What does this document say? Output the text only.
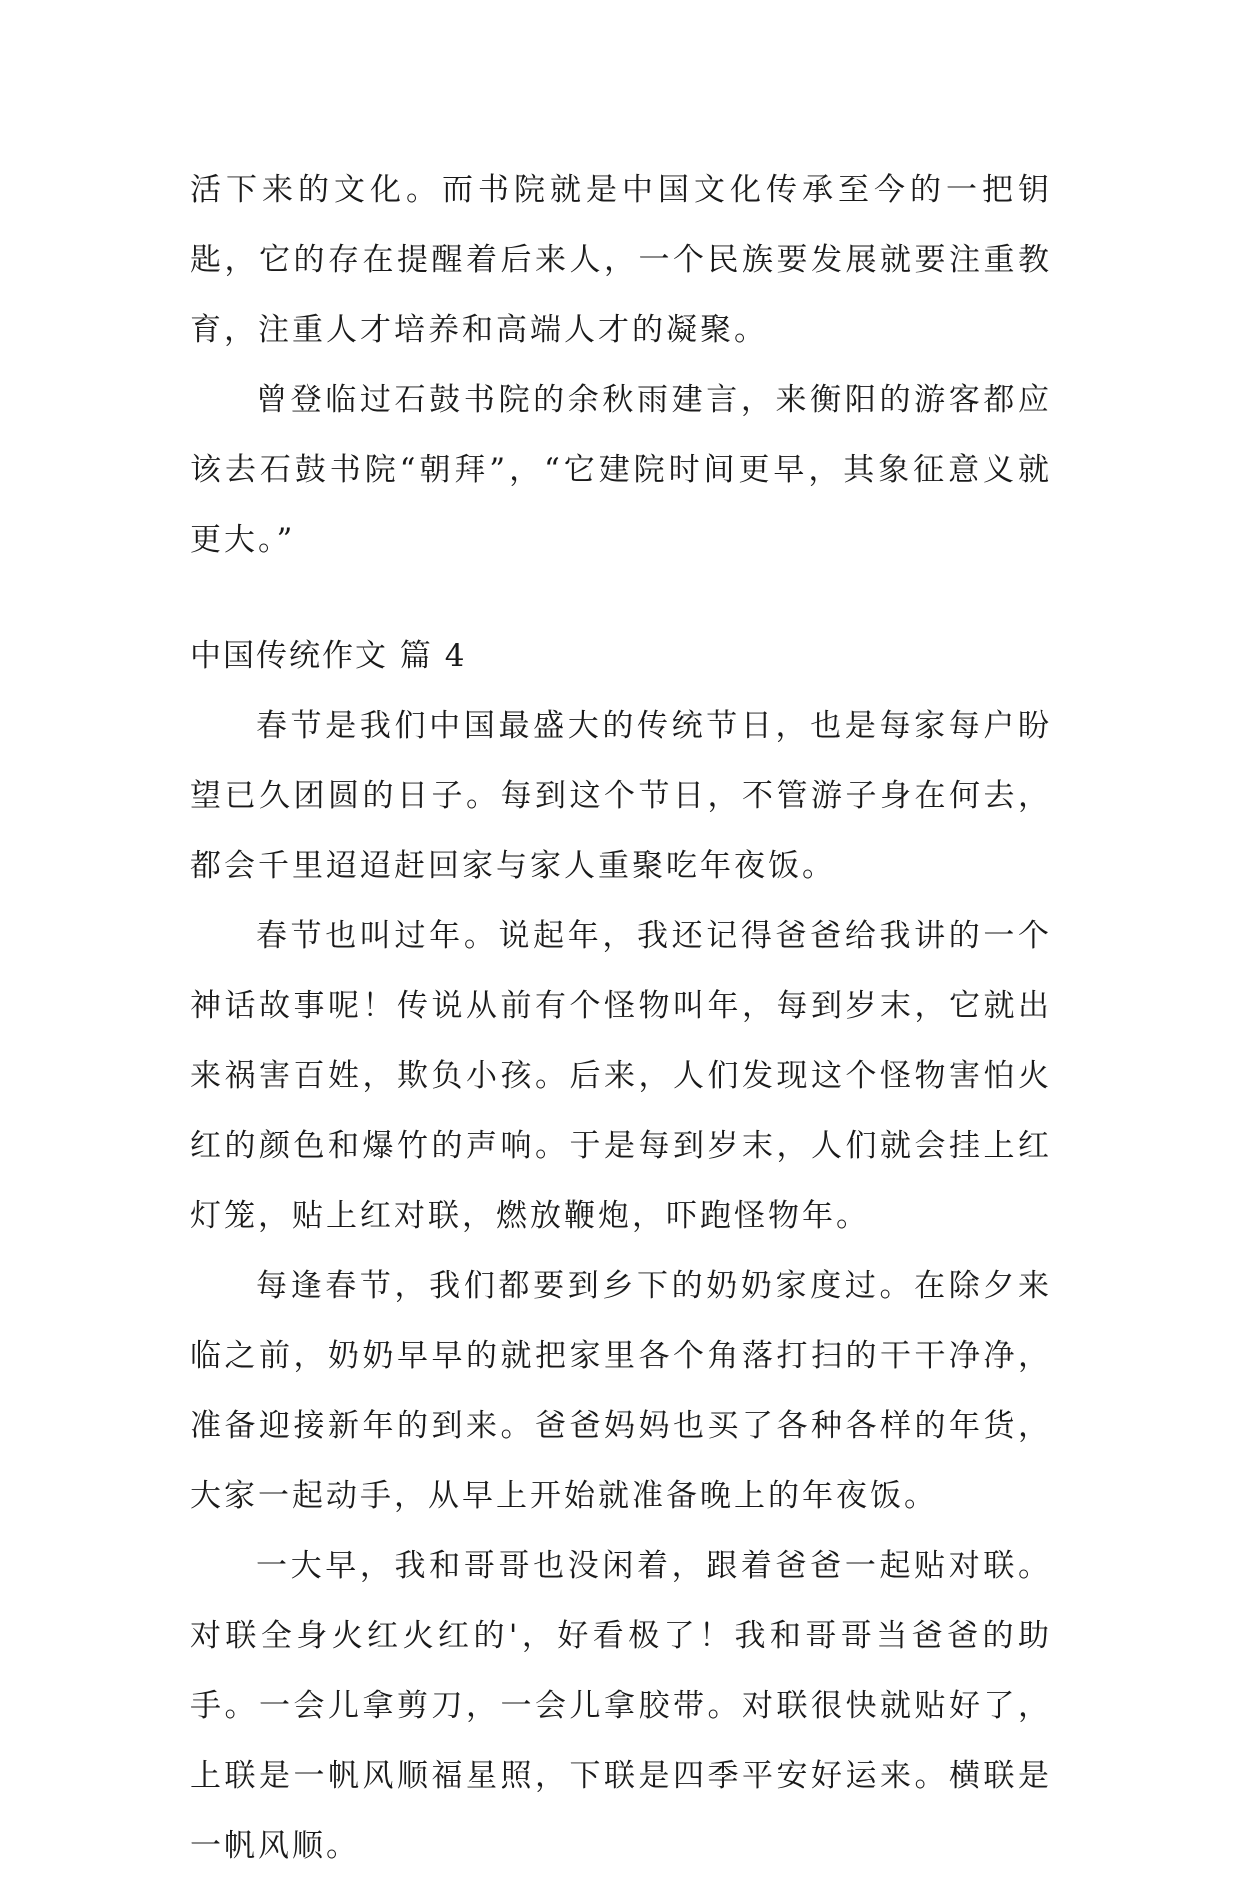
活下来的文化。而书院就是中国文化传承至今的一把钥匙，它的存在提醒着后来人，一个民族要发展就要注重教育，注重人才培养和高端人才的凝聚。

曾登临过石鼓书院的余秋雨建言，来衡阳的游客都应该去石鼓书院“朝拜”，“它建院时间更早，其象征意义就更大。”

中国传统作文 篇 4

春节是我们中国最盛大的传统节日，也是每家每户盼望已久团圆的日子。每到这个节日，不管游子身在何去，都会千里迢迢赶回家与家人重聚吃年夜饭。

春节也叫过年。说起年，我还记得爸爸给我讲的一个神话故事呢！传说从前有个怪物叫年，每到岁末，它就出来祸害百姓，欺负小孩。后来，人们发现这个怪物害怕火红的颜色和爆竹的声响。于是每到岁末，人们就会挂上红灯笼，贴上红对联，燃放鞭炮，吓跑怪物年。

每逢春节，我们都要到乡下的奶奶家度过。在除夕来临之前，奶奶早早的就把家里各个角落打扫的干干净净，准备迎接新年的到来。爸爸妈妈也买了各种各样的年货，大家一起动手，从早上开始就准备晚上的年夜饭。

一大早，我和哥哥也没闲着，跟着爸爸一起贴对联。对联全身火红火红的'，好看极了！我和哥哥当爸爸的助手。一会儿拿剪刀，一会儿拿胶带。对联很快就贴好了，上联是一帆风顺福星照，下联是四季平安好运来。横联是一帆风顺。
